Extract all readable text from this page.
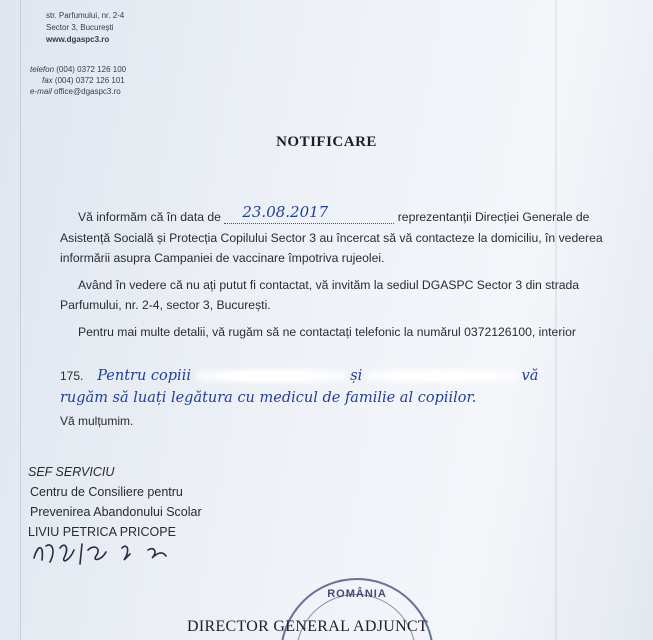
str. Parfumului, nr. 2-4
Sector 3, București
www.dgaspc3.ro
telefon (004) 0372 126 100
fax (004) 0372 126 101
e-mail office@dgaspc3.ro
NOTIFICARE

Vă informăm că în data de 23.08.2017	reprezentanții Direcției Generale de Asistență Socială și Protecția Copilului Sector 3 au încercat să vă contacteze la domiciliu, în vederea informării asupra Campaniei de vaccinare împotriva rujeolei.

Având în vedere că nu ați putut fi contactat, vă invităm la sediul DGASPC Sector 3 din strada Parfumului, nr. 2-4, sector 3, București.

Pentru mai multe detalii, vă rugăm să ne contactați telefonic la numărul 0372126100, interior

175. Pentru copiii	și	vă
rugăm să luați legătura cu medicul de familie al copiilor.
Vă mulțumim.
SEF SERVICIU
Centru de Consiliere pentru
Prevenirea Abandonului Scolar
LIVIU PETRICA PRICOPE
ROMÂNIA
DIRECTOR GENERAL ADJUNCT
